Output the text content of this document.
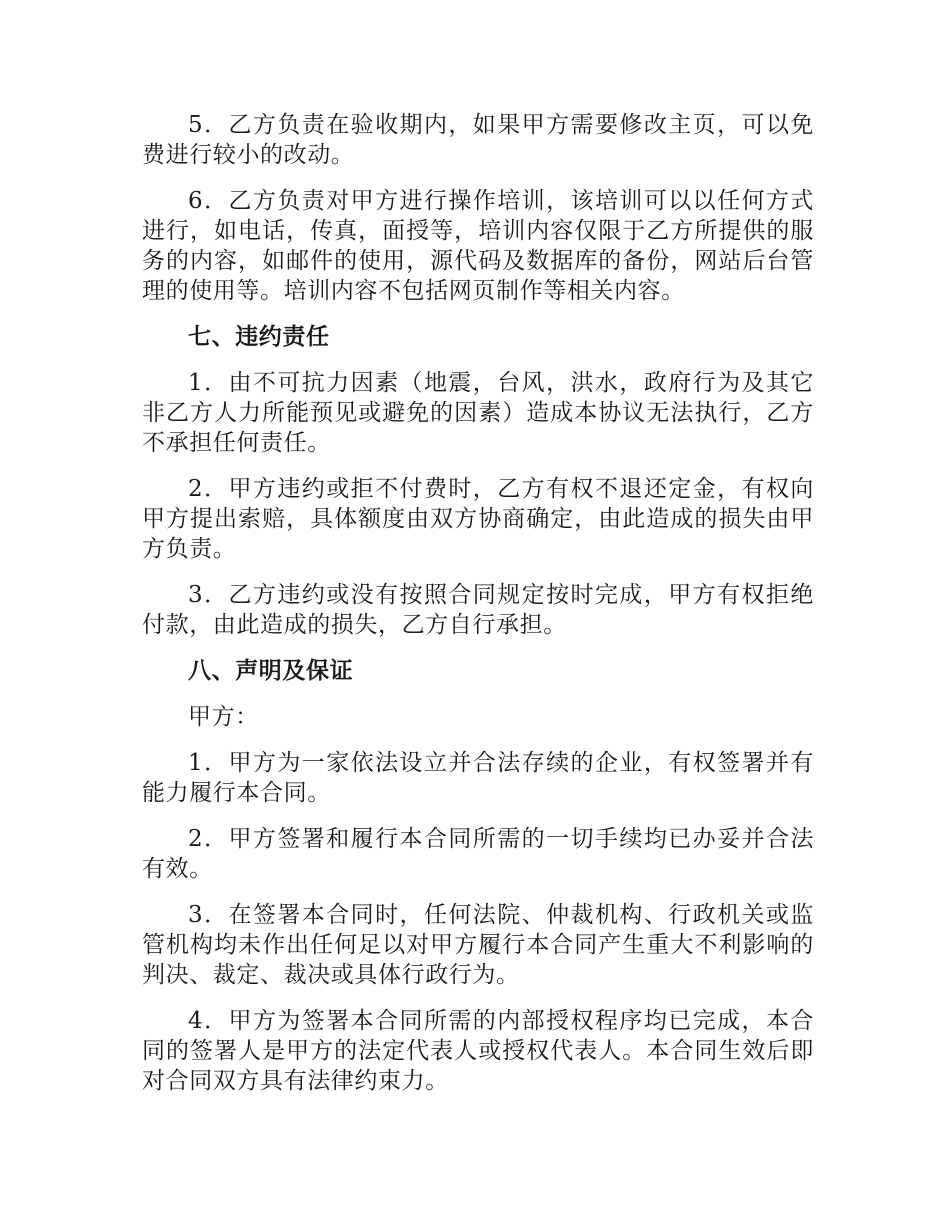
5．乙方负责在验收期内，如果甲方需要修改主页，可以免费进行较小的改动。

6．乙方负责对甲方进行操作培训，该培训可以以任何方式进行，如电话，传真，面授等，培训内容仅限于乙方所提供的服务的内容，如邮件的使用，源代码及数据库的备份，网站后台管理的使用等。培训内容不包括网页制作等相关内容。

七、违约责任

1．由不可抗力因素（地震，台风，洪水，政府行为及其它非乙方人力所能预见或避免的因素）造成本协议无法执行，乙方不承担任何责任。

2．甲方违约或拒不付费时，乙方有权不退还定金，有权向甲方提出索赔，具体额度由双方协商确定，由此造成的损失由甲方负责。

3．乙方违约或没有按照合同规定按时完成，甲方有权拒绝付款，由此造成的损失，乙方自行承担。

八、声明及保证

甲方：

1．甲方为一家依法设立并合法存续的企业，有权签署并有能力履行本合同。

2．甲方签署和履行本合同所需的一切手续均已办妥并合法有效。

3．在签署本合同时，任何法院、仲裁机构、行政机关或监管机构均未作出任何足以对甲方履行本合同产生重大不利影响的判决、裁定、裁决或具体行政行为。

4．甲方为签署本合同所需的内部授权程序均已完成，本合同的签署人是甲方的法定代表人或授权代表人。本合同生效后即对合同双方具有法律约束力。
